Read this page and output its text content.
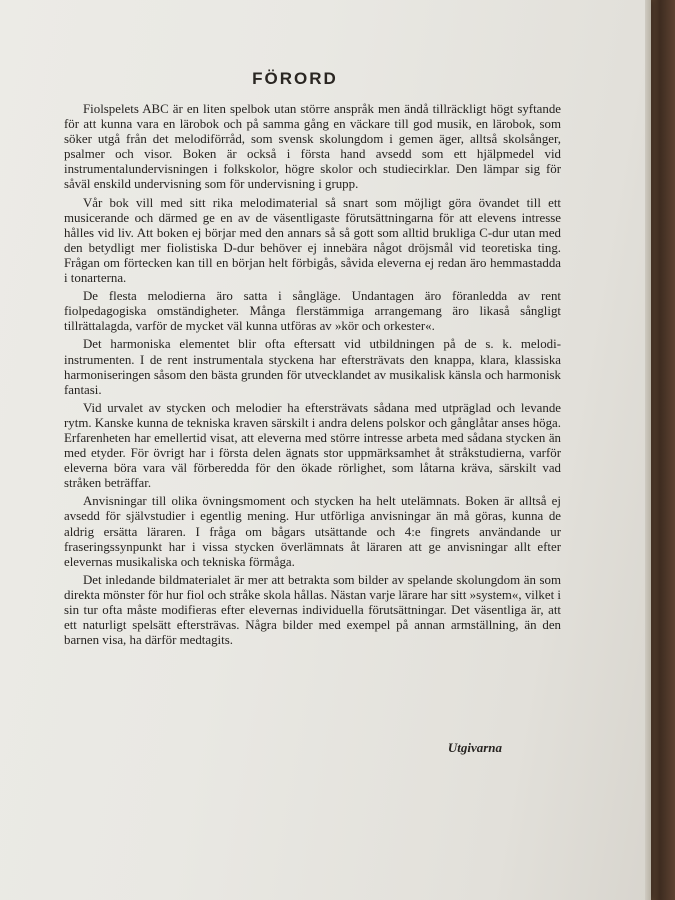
FÖRORD

Fiolspelets ABC är en liten spelbok utan större anspråk men ändå tillräckligt högt syftande för att kunna vara en lärobok och på samma gång en väckare till god musik, en lärobok, som söker utgå från det melodiförråd, som svensk skolungdom i gemen äger, alltså skolsånger, psalmer och visor. Boken är också i första hand avsedd som ett hjälpmedel vid instrumentalundervisningen i folkskolor, högre skolor och studiecirklar. Den lämpar sig för såväl enskild undervisning som för undervisning i grupp.

Vår bok vill med sitt rika melodimaterial så snart som möjligt göra övandet till ett musicerande och därmed ge en av de väsentligaste förutsättningarna för att elevens intresse hålles vid liv. Att boken ej börjar med den annars så så gott som alltid brukliga C-dur utan med den betydligt mer fiolistiska D-dur behöver ej innebära något dröjsmål vid teoretiska ting. Frågan om förtecken kan till en början helt förbigås, såvida eleverna ej redan äro hemmastadda i tonarterna.

De flesta melodierna äro satta i sångläge. Undantagen äro föranledda av rent fiolpedagogiska omständigheter. Många flerstämmiga arrangemang äro likaså sångligt tillrättalagda, varför de mycket väl kunna utföras av »kör och orkester«.

Det harmoniska elementet blir ofta eftersatt vid utbildningen på de s. k. melodi-instrumenten. I de rent instrumentala styckena har eftersträvats den knappa, klara, klassiska harmoniseringen såsom den bästa grunden för utvecklandet av musikalisk känsla och harmonisk fantasi.

Vid urvalet av stycken och melodier ha eftersträvats sådana med utpräglad och levande rytm. Kanske kunna de tekniska kraven särskilt i andra delens polskor och gånglåtar anses höga. Erfarenheten har emellertid visat, att eleverna med större intresse arbeta med sådana stycken än med etyder. För övrigt har i första delen ägnats stor uppmärksamhet åt stråkstudierna, varför eleverna böra vara väl förberedda för den ökade rörlighet, som låtarna kräva, särskilt vad stråken beträffar.

Anvisningar till olika övningsmoment och stycken ha helt utelämnats. Boken är alltså ej avsedd för självstudier i egentlig mening. Hur utförliga anvisningar än må göras, kunna de aldrig ersätta läraren. I fråga om bågars utsättande och 4:e fingrets användande ur fraseringssynpunkt har i vissa stycken överlämnats åt läraren att ge anvisningar allt efter elevernas musikaliska och tekniska förmåga.

Det inledande bildmaterialet är mer att betrakta som bilder av spelande skolungdom än som direkta mönster för hur fiol och stråke skola hållas. Nästan varje lärare har sitt »system«, vilket i sin tur ofta måste modifieras efter elevernas individuella förutsättningar. Det väsentliga är, att ett naturligt spelsätt eftersträvas. Några bilder med exempel på annan armställning, än den barnen visa, ha därför medtagits.

Utgivarna
